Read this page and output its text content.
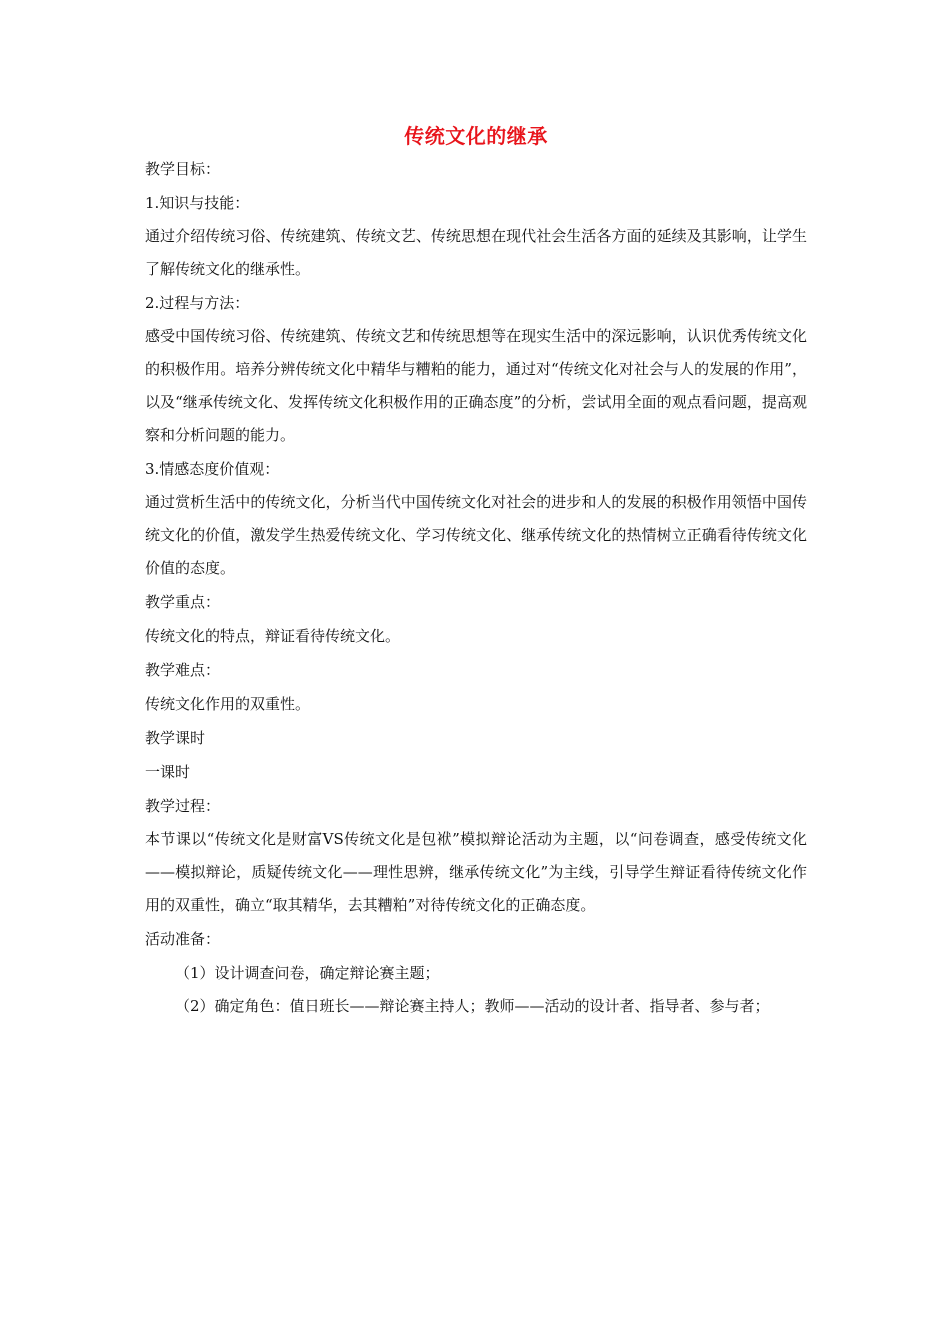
传统文化的继承

教学目标：

1.知识与技能：

通过介绍传统习俗、传统建筑、传统文艺、传统思想在现代社会生活各方面的延续及其影响，让学生了解传统文化的继承性。

2.过程与方法：

感受中国传统习俗、传统建筑、传统文艺和传统思想等在现实生活中的深远影响，认识优秀传统文化的积极作用。培养分辨传统文化中精华与糟粕的能力，通过对“传统文化对社会与人的发展的作用”，以及“继承传统文化、发挥传统文化积极作用的正确态度”的分析，尝试用全面的观点看问题，提高观察和分析问题的能力。

3.情感态度价值观：

通过赏析生活中的传统文化，分析当代中国传统文化对社会的进步和人的发展的积极作用领悟中国传统文化的价值，激发学生热爱传统文化、学习传统文化、继承传统文化的热情树立正确看待传统文化价值的态度。

教学重点：

传统文化的特点，辩证看待传统文化。

教学难点：

传统文化作用的双重性。

教学课时

一课时

教学过程：

本节课以“传统文化是财富VS传统文化是包袱”模拟辩论活动为主题，以“问卷调查，感受传统文化——模拟辩论，质疑传统文化——理性思辨，继承传统文化”为主线，引导学生辩证看待传统文化作用的双重性，确立“取其精华，去其糟粕”对待传统文化的正确态度。

活动准备：

（1）设计调查问卷，确定辩论赛主题；

（2）确定角色：值日班长——辩论赛主持人；教师——活动的设计者、指导者、参与者；
